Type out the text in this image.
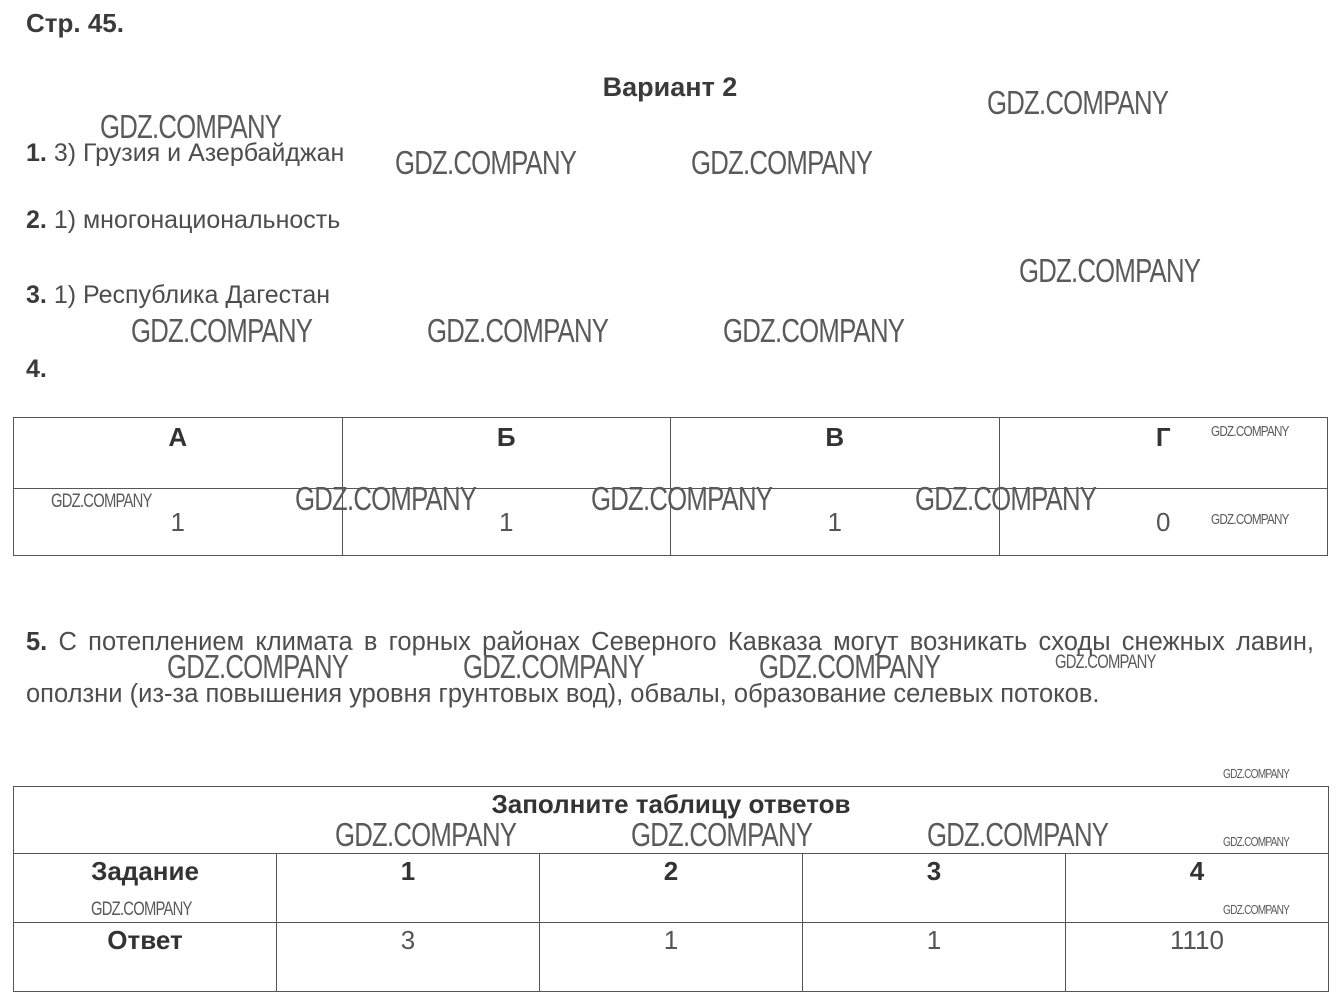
Стр. 45.
Вариант 2
1. 3) Грузия и Азербайджан
2. 1) многонациональность
3. 1) Республика Дагестан
4.
А	Б	В	Г
1	1	1	0
5. С потеплением климата в горных районах Северного Кавказа могут возникать сходы снежных лавин, оползни (из-за повышения уровня грунтовых вод), обвалы, образование селевых потоков.
Заполните таблицу ответов				
Задание	1	2	3	4
Ответ	3	1	1	1110
GDZ.COMPANY
GDZ.COMPANY
GDZ.COMPANY	GDZ.COMPANY
GDZ.COMPANY
GDZ.COMPANY	GDZ.COMPANY	GDZ.COMPANY
GDZ.COMPANY
GDZ.COMPANY	GDZ.COMPANY	GDZ.COMPANY	GDZ.COMPANY
GDZ.COMPANY
GDZ.COMPANY	GDZ.COMPANY	GDZ.COMPANY	GDZ.COMPANY
GDZ.COMPANY
GDZ.COMPANY	GDZ.COMPANY	GDZ.COMPANY	GDZ.COMPANY
GDZ.COMPANY	GDZ.COMPANY
